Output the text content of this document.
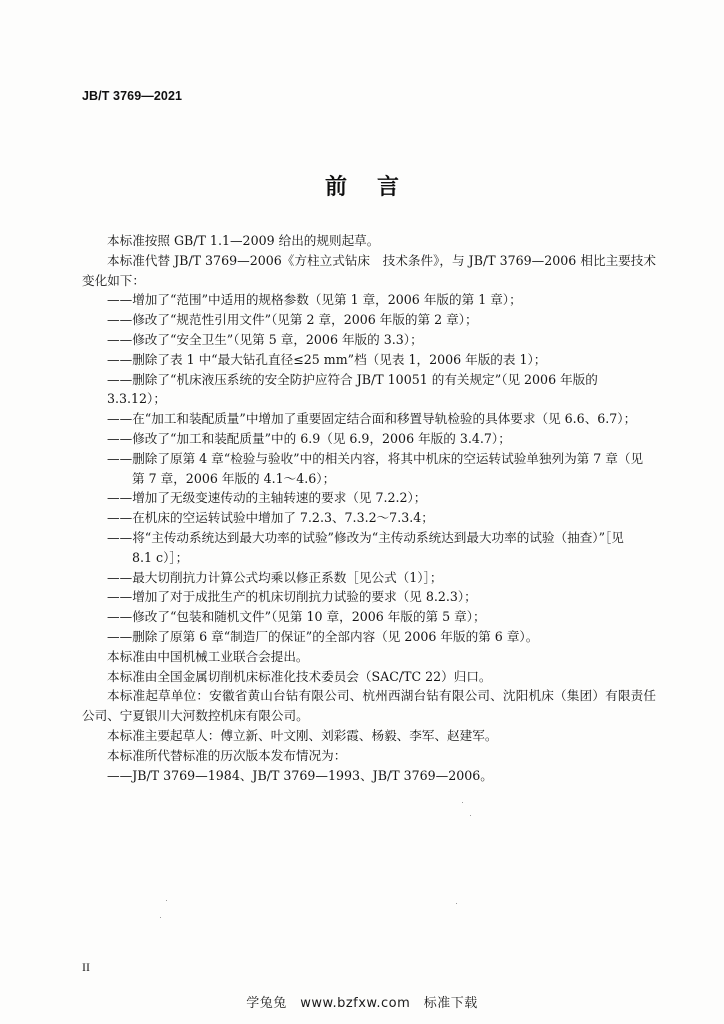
JB/T 3769—2021
前言

本标准按照 GB/T 1.1—2009 给出的规则起草。

本标准代替 JB/T 3769—2006《方柱立式钻床　技术条件》，与 JB/T 3769—2006 相比主要技术变化如下：

——增加了“范围”中适用的规格参数（见第 1 章，2006 年版的第 1 章）；

——修改了“规范性引用文件”（见第 2 章，2006 年版的第 2 章）；

——修改了“安全卫生”（见第 5 章，2006 年版的 3.3）；

——删除了表 1 中“最大钻孔直径≤25 mm”档（见表 1，2006 年版的表 1）；

——删除了“机床液压系统的安全防护应符合 JB/T 10051 的有关规定”（见 2006 年版的 3.3.12）；

——在“加工和装配质量”中增加了重要固定结合面和移置导轨检验的具体要求（见 6.6、6.7）；

——修改了“加工和装配质量”中的 6.9（见 6.9，2006 年版的 3.4.7）；

——删除了原第 4 章“检验与验收”中的相关内容，将其中机床的空运转试验单独列为第 7 章（见
第 7 章，2006 年版的 4.1～4.6）；

——增加了无级变速传动的主轴转速的要求（见 7.2.2）；

——在机床的空运转试验中增加了 7.2.3、7.3.2～7.3.4；

——将“主传动系统达到最大功率的试验”修改为“主传动系统达到最大功率的试验（抽查）”［见
8.1 c）］；

——最大切削抗力计算公式均乘以修正系数［见公式（1）］；

——增加了对于成批生产的机床切削抗力试验的要求（见 8.2.3）；

——修改了“包装和随机文件”（见第 10 章，2006 年版的第 5 章）；

——删除了原第 6 章“制造厂的保证”的全部内容（见 2006 年版的第 6 章）。

本标准由中国机械工业联合会提出。

本标准由全国金属切削机床标准化技术委员会（SAC/TC 22）归口。

本标准起草单位：安徽省黄山台钻有限公司、杭州西湖台钻有限公司、沈阳机床（集团）有限责任公司、宁夏银川大河数控机床有限公司。

本标准主要起草人：傅立新、叶文刚、刘彩霞、杨毅、李军、赵建军。

本标准所代替标准的历次版本发布情况为：

——JB/T 3769—1984、JB/T 3769—1993、JB/T 3769—2006。

II
学兔兔　www.bzfxw.com　标准下载
